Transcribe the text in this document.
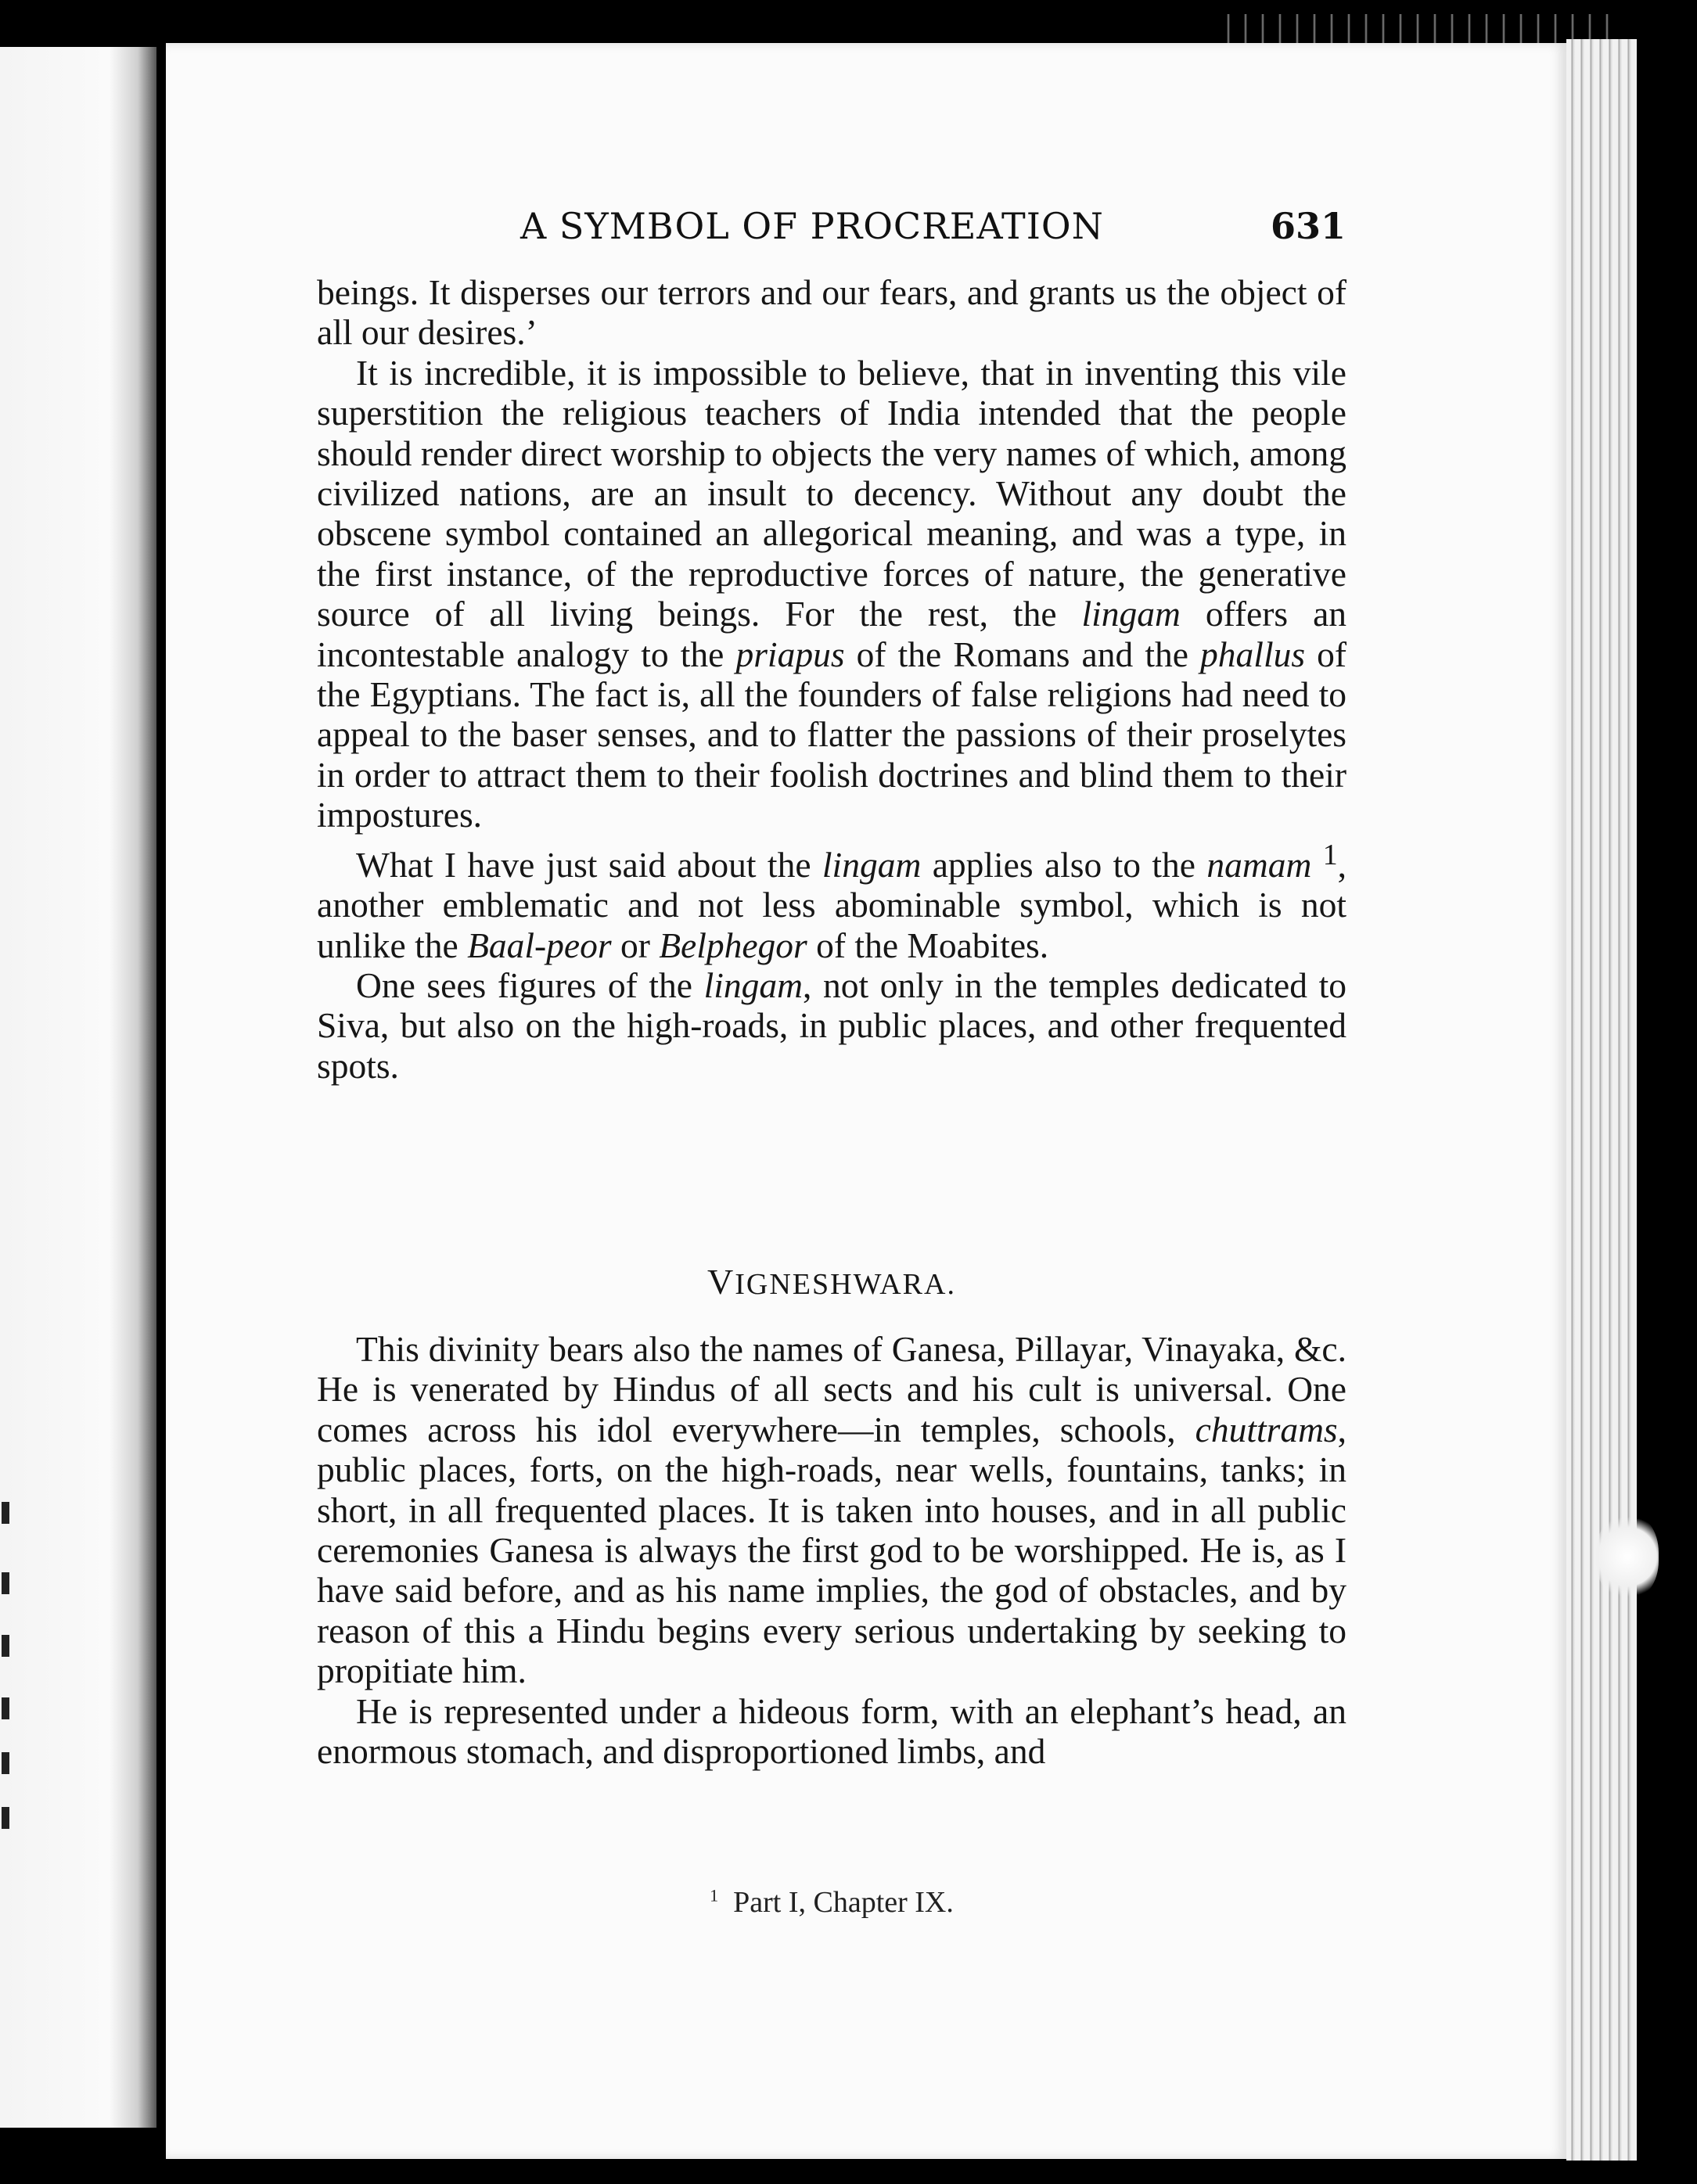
A SYMBOL OF PROCREATION	631

beings. It disperses our terrors and our fears, and grants us the object of all our desires.’

It is incredible, it is impossible to believe, that in inventing this vile superstition the religious teachers of India intended that the people should render direct worship to objects the very names of which, among civilized nations, are an insult to decency. Without any doubt the obscene symbol contained an allegorical meaning, and was a type, in the first instance, of the reproductive forces of nature, the generative source of all living beings. For the rest, the lingam offers an incontestable analogy to the priapus of the Romans and the phallus of the Egyptians. The fact is, all the founders of false religions had need to appeal to the baser senses, and to flatter the passions of their proselytes in order to attract them to their foolish doctrines and blind them to their impostures.

What I have just said about the lingam applies also to the namam $^1$, another emblematic and not less abominable symbol, which is not unlike the Baal-peor or Belphegor of the Moabites.

One sees figures of the lingam, not only in the temples dedicated to Siva, but also on the high-roads, in public places, and other frequented spots.

VIGNESHWARA.

This divinity bears also the names of Ganesa, Pillayar, Vinayaka, &c. He is venerated by Hindus of all sects and his cult is universal. One comes across his idol everywhere—in temples, schools, chuttrams, public places, forts, on the high-roads, near wells, fountains, tanks; in short, in all frequented places. It is taken into houses, and in all public ceremonies Ganesa is always the first god to be worshipped. He is, as I have said before, and as his name implies, the god of obstacles, and by reason of this a Hindu begins every serious undertaking by seeking to propitiate him.

He is represented under a hideous form, with an elephant’s head, an enormous stomach, and disproportioned limbs, and

$^1$ Part I, Chapter IX.
